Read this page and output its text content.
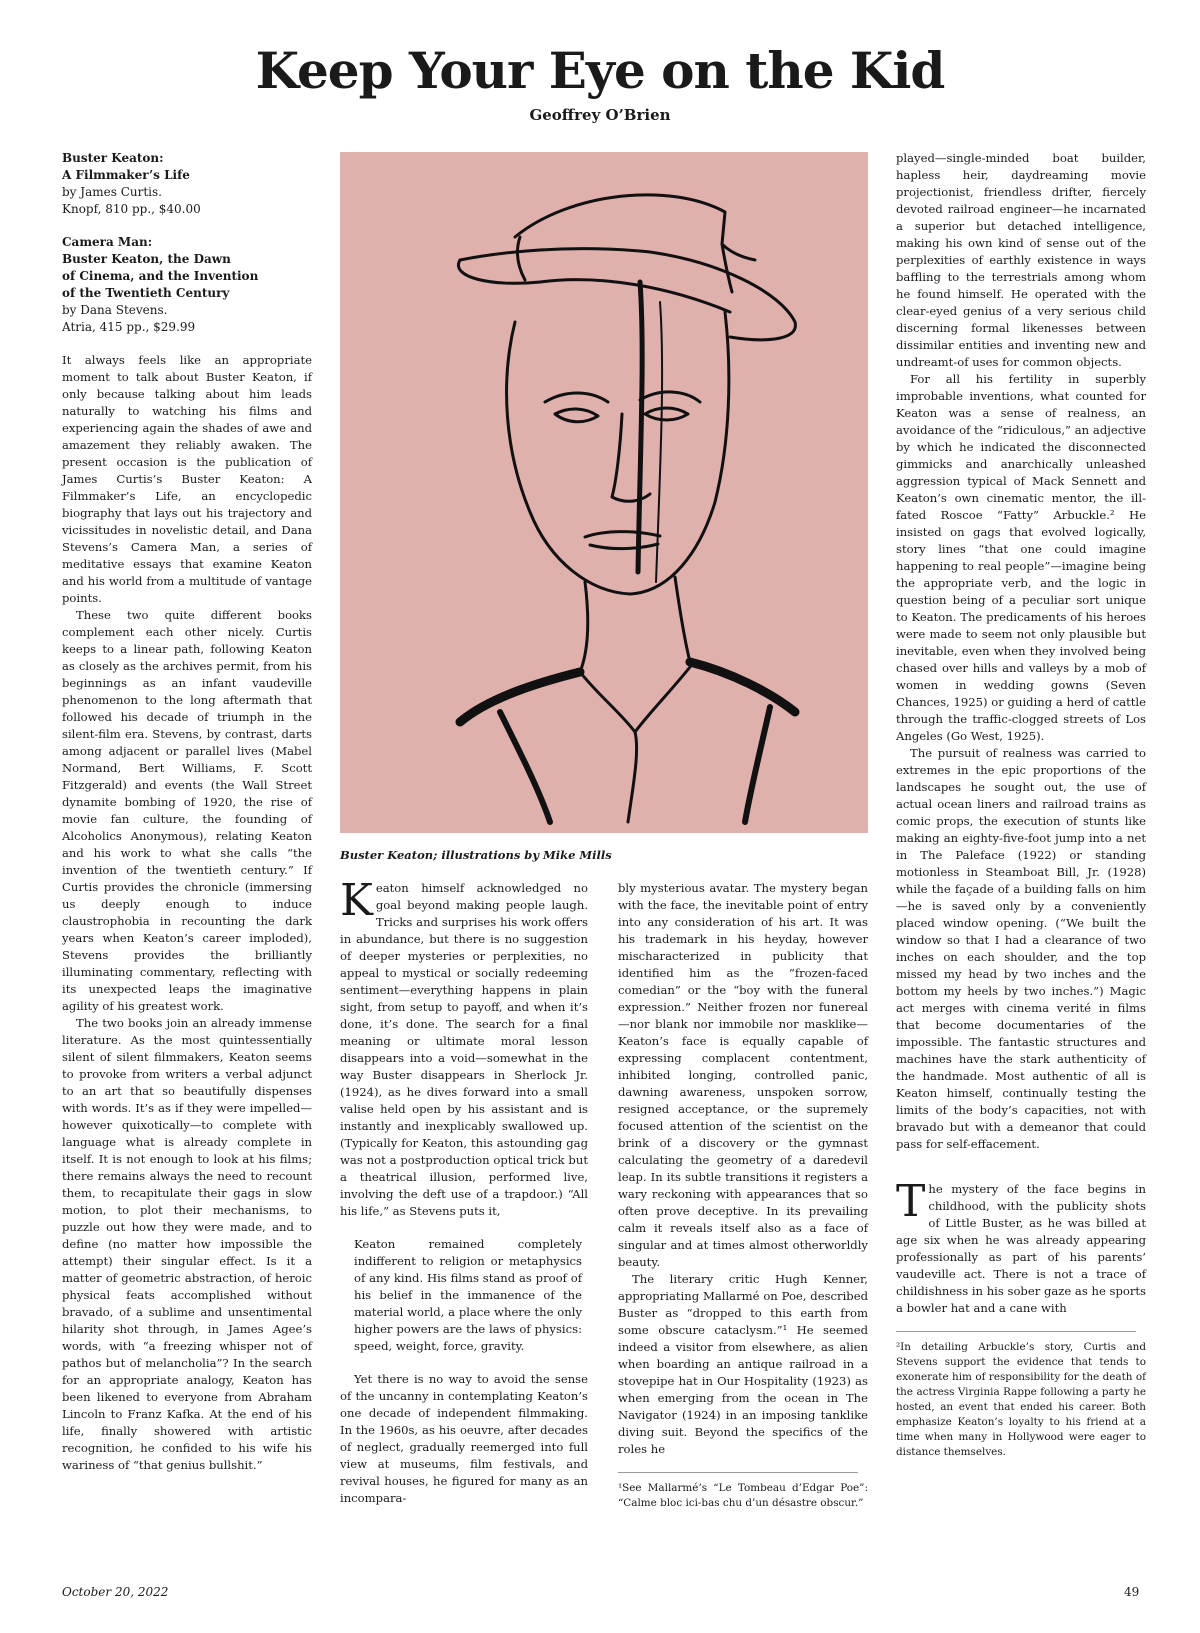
Keep Your Eye on the Kid
Geoffrey O’Brien
Buster Keaton:
A Filmmaker’s Life
by James Curtis.
Knopf, 810 pp., $40.00
Camera Man:
Buster Keaton, the Dawn
of Cinema, and the Invention
of the Twentieth Century
by Dana Stevens.
Atria, 415 pp., $29.99

It always feels like an appropriate moment to talk about Buster Keaton, if only because talking about him leads naturally to watching his films and experiencing again the shades of awe and amazement they reliably awaken. The present occasion is the publication of James Curtis’s Buster Keaton: A Filmmaker’s Life, an encyclopedic biography that lays out his trajectory and vicissitudes in novelistic detail, and Dana Stevens’s Camera Man, a series of meditative essays that examine Keaton and his world from a multitude of vantage points.

These two quite different books complement each other nicely. Curtis keeps to a linear path, following Keaton as closely as the archives permit, from his beginnings as an infant vaudeville phenomenon to the long aftermath that followed his decade of triumph in the silent-film era. Stevens, by contrast, darts among adjacent or parallel lives (Mabel Normand, Bert Williams, F. Scott Fitzgerald) and events (the Wall Street dynamite bombing of 1920, the rise of movie fan culture, the founding of Alcoholics Anonymous), relating Keaton and his work to what she calls “the invention of the twentieth century.” If Curtis provides the chronicle (immersing us deeply enough to induce claustrophobia in recounting the dark years when Keaton’s career imploded), Stevens provides the brilliantly illuminating commentary, reflecting with its unexpected leaps the imaginative agility of his greatest work.

The two books join an already immense literature. As the most quintessentially silent of silent filmmakers, Keaton seems to provoke from writers a verbal adjunct to an art that so beautifully dispenses with words. It’s as if they were impelled—however quixotically—to complete with language what is already complete in itself. It is not enough to look at his films; there remains always the need to recount them, to recapitulate their gags in slow motion, to plot their mechanisms, to puzzle out how they were made, and to define (no matter how impossible the attempt) their singular effect. Is it a matter of geometric abstraction, of heroic physical feats accomplished without bravado, of a sublime and unsentimental hilarity shot through, in James Agee’s words, with “a freezing whisper not of pathos but of melancholia”? In the search for an appropriate analogy, Keaton has been likened to everyone from Abraham Lincoln to Franz Kafka. At the end of his life, finally showered with artistic recognition, he confided to his wife his wariness of “that genius bullshit.”

Buster Keaton; illustrations by Mike Mills

Keaton himself acknowledged no goal beyond making people laugh. Tricks and surprises his work offers in abundance, but there is no suggestion of deeper mysteries or perplexities, no appeal to mystical or socially redeeming sentiment—everything happens in plain sight, from setup to payoff, and when it’s done, it’s done. The search for a final meaning or ultimate moral lesson disappears into a void—somewhat in the way Buster disappears in Sherlock Jr. (1924), as he dives forward into a small valise held open by his assistant and is instantly and inexplicably swallowed up. (Typically for Keaton, this astounding gag was not a postproduction optical trick but a theatrical illusion, performed live, involving the deft use of a trapdoor.) “All his life,” as Stevens puts it,

Keaton remained completely indifferent to religion or metaphysics of any kind. His films stand as proof of his belief in the immanence of the material world, a place where the only higher powers are the laws of physics: speed, weight, force, gravity.

Yet there is no way to avoid the sense of the uncanny in contemplating Keaton’s one decade of independent filmmaking. In the 1960s, as his oeuvre, after decades of neglect, gradually reemerged into full view at museums, film festivals, and revival houses, he figured for many as an incompara-

bly mysterious avatar. The mystery began with the face, the inevitable point of entry into any consideration of his art. It was his trademark in his heyday, however mischaracterized in publicity that identified him as the “frozen-faced comedian” or the “boy with the funeral expression.” Neither frozen nor funereal—nor blank nor immobile nor masklike—Keaton’s face is equally capable of expressing complacent contentment, inhibited longing, controlled panic, dawning awareness, unspoken sorrow, resigned acceptance, or the supremely focused attention of the scientist on the brink of a discovery or the gymnast calculating the geometry of a daredevil leap. In its subtle transitions it registers a wary reckoning with appearances that so often prove deceptive. In its prevailing calm it reveals itself also as a face of singular and at times almost otherworldly beauty.

The literary critic Hugh Kenner, appropriating Mallarmé on Poe, described Buster as “dropped to this earth from some obscure cataclysm.”¹ He seemed indeed a visitor from elsewhere, as alien when boarding an antique railroad in a stovepipe hat in Our Hospitality (1923) as when emerging from the ocean in The Navigator (1924) in an imposing tanklike diving suit. Beyond the specifics of the roles he

¹See Mallarmé’s “Le Tombeau d’Edgar Poe”: “Calme bloc ici-bas chu d’un désastre obscur.”

played—single-minded boat builder, hapless heir, daydreaming movie projectionist, friendless drifter, fiercely devoted railroad engineer—he incarnated a superior but detached intelligence, making his own kind of sense out of the perplexities of earthly existence in ways baffling to the terrestrials among whom he found himself. He operated with the clear-eyed genius of a very serious child discerning formal likenesses between dissimilar entities and inventing new and undreamt-of uses for common objects.

For all his fertility in superbly improbable inventions, what counted for Keaton was a sense of realness, an avoidance of the “ridiculous,” an adjective by which he indicated the disconnected gimmicks and anarchically unleashed aggression typical of Mack Sennett and Keaton’s own cinematic mentor, the ill-fated Roscoe “Fatty” Arbuckle.² He insisted on gags that evolved logically, story lines “that one could imagine happening to real people”—imagine being the appropriate verb, and the logic in question being of a peculiar sort unique to Keaton. The predicaments of his heroes were made to seem not only plausible but inevitable, even when they involved being chased over hills and valleys by a mob of women in wedding gowns (Seven Chances, 1925) or guiding a herd of cattle through the traffic-clogged streets of Los Angeles (Go West, 1925).

The pursuit of realness was carried to extremes in the epic proportions of the landscapes he sought out, the use of actual ocean liners and railroad trains as comic props, the execution of stunts like making an eighty-five-foot jump into a net in The Paleface (1922) or standing motionless in Steamboat Bill, Jr. (1928) while the façade of a building falls on him—he is saved only by a conveniently placed window opening. (“We built the window so that I had a clearance of two inches on each shoulder, and the top missed my head by two inches and the bottom my heels by two inches.”) Magic act merges with cinema verité in films that become documentaries of the impossible. The fantastic structures and machines have the stark authenticity of the handmade. Most authentic of all is Keaton himself, continually testing the limits of the body’s capacities, not with bravado but with a demeanor that could pass for self-effacement.

The mystery of the face begins in childhood, with the publicity shots of Little Buster, as he was billed at age six when he was already appearing professionally as part of his parents’ vaudeville act. There is not a trace of childishness in his sober gaze as he sports a bowler hat and a cane with

²In detailing Arbuckle’s story, Curtis and Stevens support the evidence that tends to exonerate him of responsibility for the death of the actress Virginia Rappe following a party he hosted, an event that ended his career. Both emphasize Keaton’s loyalty to his friend at a time when many in Hollywood were eager to distance themselves.
October 20, 2022	49
